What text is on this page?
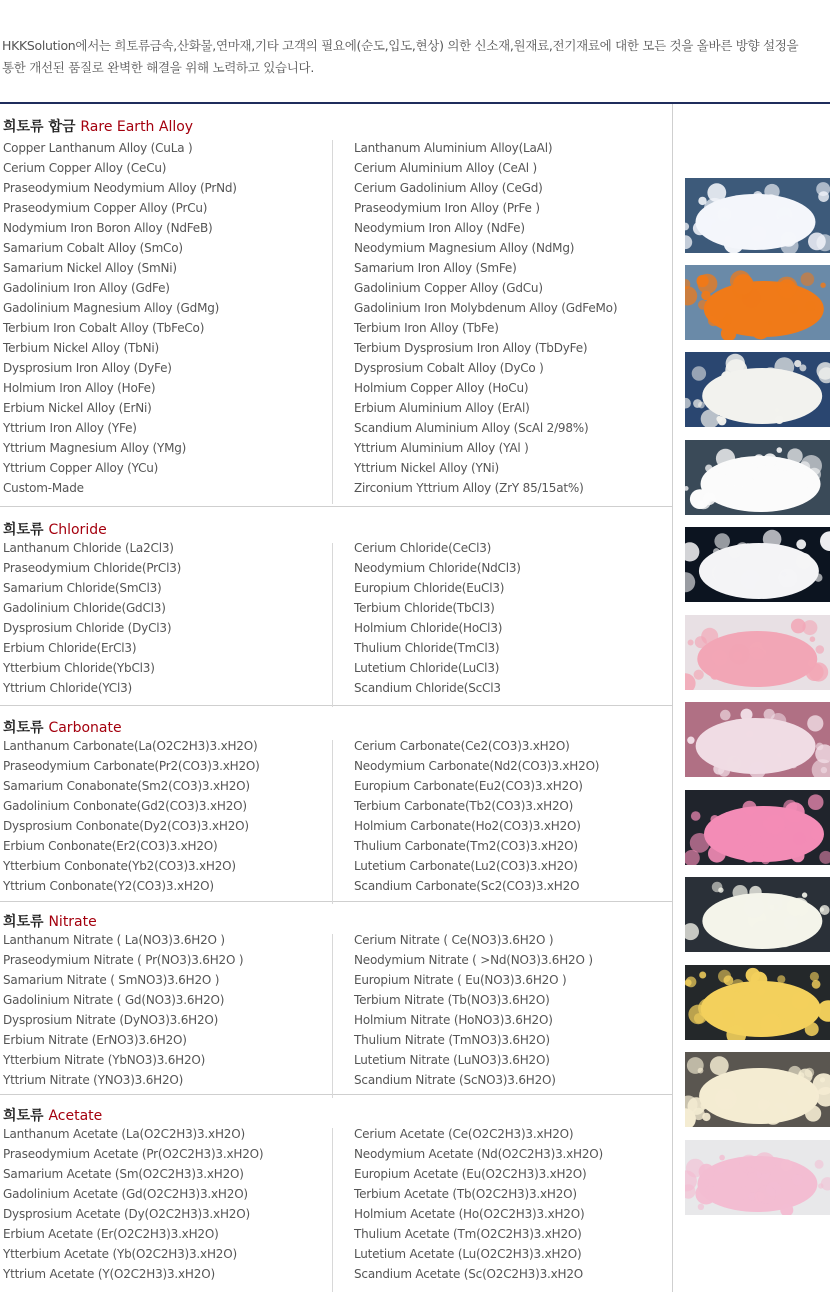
HKKSolution에서는 희토류금속,산화물,연마재,기타 고객의 필요에(순도,입도,현상) 의한 신소재,원재료,전기재료에 대한 모든 것을 올바른 방향 설정을
통한 개선된 품질로 완벽한 해결을 위해 노력하고 있습니다.
희토류 합금 Rare Earth Alloy
Copper Lanthanum Alloy (CuLa )
Cerium Copper Alloy (CeCu)
Praseodymium Neodymium Alloy (PrNd)
Praseodymium Copper Alloy (PrCu)
Nodymium Iron Boron Alloy (NdFeB)
Samarium Cobalt Alloy (SmCo)
Samarium Nickel Alloy (SmNi)
Gadolinium Iron Alloy (GdFe)
Gadolinium Magnesium Alloy (GdMg)
Terbium Iron Cobalt Alloy (TbFeCo)
Terbium Nickel Alloy (TbNi)
Dysprosium Iron Alloy (DyFe)
Holmium Iron Alloy (HoFe)
Erbium Nickel Alloy (ErNi)
Yttrium Iron Alloy (YFe)
Yttrium Magnesium Alloy (YMg)
Yttrium Copper Alloy (YCu)
Custom-Made
Lanthanum Aluminium Alloy(LaAl)
Cerium Aluminium Alloy (CeAl )
Cerium Gadolinium Alloy (CeGd)
Praseodymium Iron Alloy (PrFe )
Neodymium Iron Alloy (NdFe)
Neodymium Magnesium Alloy (NdMg)
Samarium Iron Alloy (SmFe)
Gadolinium Copper Alloy (GdCu)
Gadolinium Iron Molybdenum Alloy (GdFeMo)
Terbium Iron Alloy (TbFe)
Terbium Dysprosium Iron Alloy (TbDyFe)
Dysprosium Cobalt Alloy (DyCo )
Holmium Copper Alloy (HoCu)
Erbium Aluminium Alloy (ErAl)
Scandium Aluminium Alloy (ScAl 2/98%)
Yttrium Aluminium Alloy (YAl )
Yttrium Nickel Alloy (YNi)
Zirconium Yttrium Alloy (ZrY 85/15at%)
희토류 Chloride
Lanthanum Chloride (La2Cl3)
Praseodymium Chloride(PrCl3)
Samarium Chloride(SmCl3)
Gadolinium Chloride(GdCl3)
Dysprosium Chloride (DyCl3)
Erbium Chloride(ErCl3)
Ytterbium Chloride(YbCl3)
Yttrium Chloride(YCl3)
Cerium Chloride(CeCl3)
Neodymium Chloride(NdCl3)
Europium Chloride(EuCl3)
Terbium Chloride(TbCl3)
Holmium Chloride(HoCl3)
Thulium Chloride(TmCl3)
Lutetium Chloride(LuCl3)
Scandium Chloride(ScCl3
희토류 Carbonate
Lanthanum Carbonate(La(O2C2H3)3.xH2O)
Praseodymium Carbonate(Pr2(CO3)3.xH2O)
Samarium Conabonate(Sm2(CO3)3.xH2O)
Gadolinium Conbonate(Gd2(CO3)3.xH2O)
Dysprosium Conbonate(Dy2(CO3)3.xH2O)
Erbium Conbonate(Er2(CO3)3.xH2O)
Ytterbium Conbonate(Yb2(CO3)3.xH2O)
Yttrium Conbonate(Y2(CO3)3.xH2O)
Cerium Carbonate(Ce2(CO3)3.xH2O)
Neodymium Carbonate(Nd2(CO3)3.xH2O)
Europium Carbonate(Eu2(CO3)3.xH2O)
Terbium Carbonate(Tb2(CO3)3.xH2O)
Holmium Carbonate(Ho2(CO3)3.xH2O)
Thulium Carbonate(Tm2(CO3)3.xH2O)
Lutetium Carbonate(Lu2(CO3)3.xH2O)
Scandium Carbonate(Sc2(CO3)3.xH2O
희토류 Nitrate
Lanthanum Nitrate ( La(NO3)3.6H2O )
Praseodymium Nitrate ( Pr(NO3)3.6H2O )
Samarium Nitrate ( SmNO3)3.6H2O )
Gadolinium Nitrate ( Gd(NO3)3.6H2O)
Dysprosium Nitrate (DyNO3)3.6H2O)
Erbium Nitrate (ErNO3)3.6H2O)
Ytterbium Nitrate (YbNO3)3.6H2O)
Yttrium Nitrate (YNO3)3.6H2O)
Cerium Nitrate ( Ce(NO3)3.6H2O )
Neodymium Nitrate ( >Nd(NO3)3.6H2O )
Europium Nitrate ( Eu(NO3)3.6H2O )
Terbium Nitrate (Tb(NO3)3.6H2O)
Holmium Nitrate (HoNO3)3.6H2O)
Thulium Nitrate (TmNO3)3.6H2O)
Lutetium Nitrate (LuNO3)3.6H2O)
Scandium Nitrate (ScNO3)3.6H2O)
희토류 Acetate
Lanthanum Acetate (La(O2C2H3)3.xH2O)
Praseodymium Acetate (Pr(O2C2H3)3.xH2O)
Samarium Acetate (Sm(O2C2H3)3.xH2O)
Gadolinium Acetate (Gd(O2C2H3)3.xH2O)
Dysprosium Acetate (Dy(O2C2H3)3.xH2O)
Erbium Acetate (Er(O2C2H3)3.xH2O)
Ytterbium Acetate (Yb(O2C2H3)3.xH2O)
Yttrium Acetate (Y(O2C2H3)3.xH2O)
Cerium Acetate (Ce(O2C2H3)3.xH2O)
Neodymium Acetate (Nd(O2C2H3)3.xH2O)
Europium Acetate (Eu(O2C2H3)3.xH2O)
Terbium Acetate (Tb(O2C2H3)3.xH2O)
Holmium Acetate (Ho(O2C2H3)3.xH2O)
Thulium Acetate (Tm(O2C2H3)3.xH2O)
Lutetium Acetate (Lu(O2C2H3)3.xH2O)
Scandium Acetate (Sc(O2C2H3)3.xH2O
